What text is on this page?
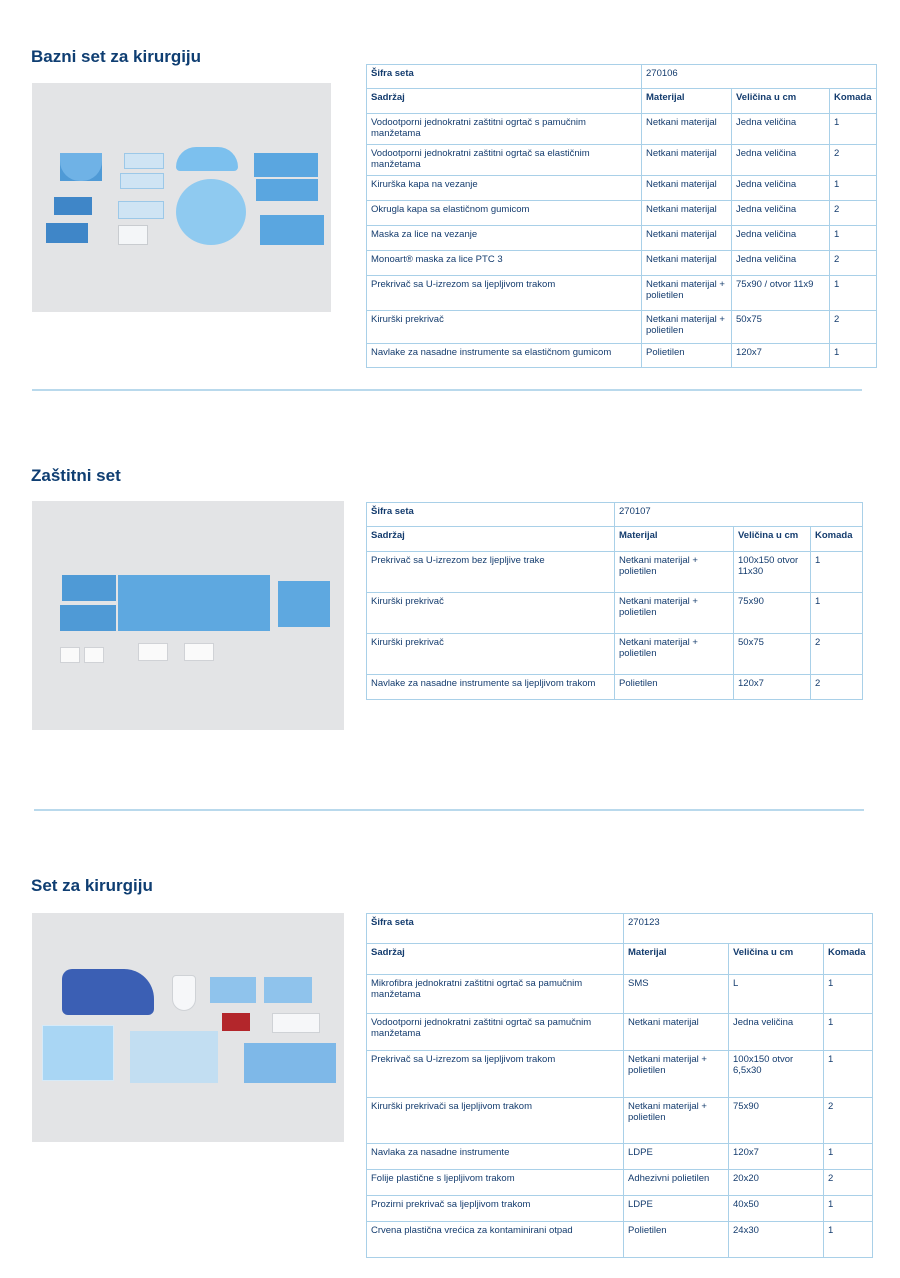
Bazni set za kirurgiju
Šifra seta	270106		
Sadržaj	Materijal	Veličina u cm	Komada
Vodootporni jednokratni zaštitni ogrtač s pamučnim manžetama	Netkani materijal	Jedna veličina	1
Vodootporni jednokratni zaštitni ogrtač sa elastičnim manžetama	Netkani materijal	Jedna veličina	2
Kirurška kapa na vezanje	Netkani materijal	Jedna veličina	1
Okrugla kapa sa elastičnom gumicom	Netkani materijal	Jedna veličina	2
Maska za lice na vezanje	Netkani materijal	Jedna veličina	1
Monoart® maska za lice PTC 3	Netkani materijal	Jedna veličina	2
Prekrivač sa U-izrezom sa ljepljivom trakom	Netkani materijal + polietilen	75x90 / otvor 11x9	1
Kirurški prekrivač	Netkani materijal + polietilen	50x75	2
Navlake za nasadne instrumente sa elastičnom gumicom	Polietilen	120x7	1
Zaštitni set
Šifra seta	270107		
Sadržaj	Materijal	Veličina u cm	Komada
Prekrivač sa U-izrezom bez ljepljive trake	Netkani materijal + polietilen	100x150 otvor 11x30	1
Kirurški prekrivač	Netkani materijal + polietilen	75x90	1
Kirurški prekrivač	Netkani materijal + polietilen	50x75	2
Navlake za nasadne instrumente sa ljepljivom trakom	Polietilen	120x7	2
Set za kirurgiju
Šifra seta	270123		
Sadržaj	Materijal	Veličina u cm	Komada
Mikrofibra jednokratni zaštitni ogrtač sa pamučnim manžetama	SMS	L	1
Vodootporni jednokratni zaštitni ogrtač sa pamučnim manžetama	Netkani materijal	Jedna veličina	1
Prekrivač sa U-izrezom sa ljepljivom trakom	Netkani materijal + polietilen	100x150 otvor 6,5x30	1
Kirurški prekrivači sa ljepljivom trakom	Netkani materijal + polietilen	75x90	2
Navlaka za nasadne instrumente	LDPE	120x7	1
Folije plastične s ljepljivom trakom	Adhezivni polietilen	20x20	2
Prozirni prekrivač sa ljepljivom trakom	LDPE	40x50	1
Crvena plastična vrećica za kontaminirani otpad	Polietilen	24x30	1
